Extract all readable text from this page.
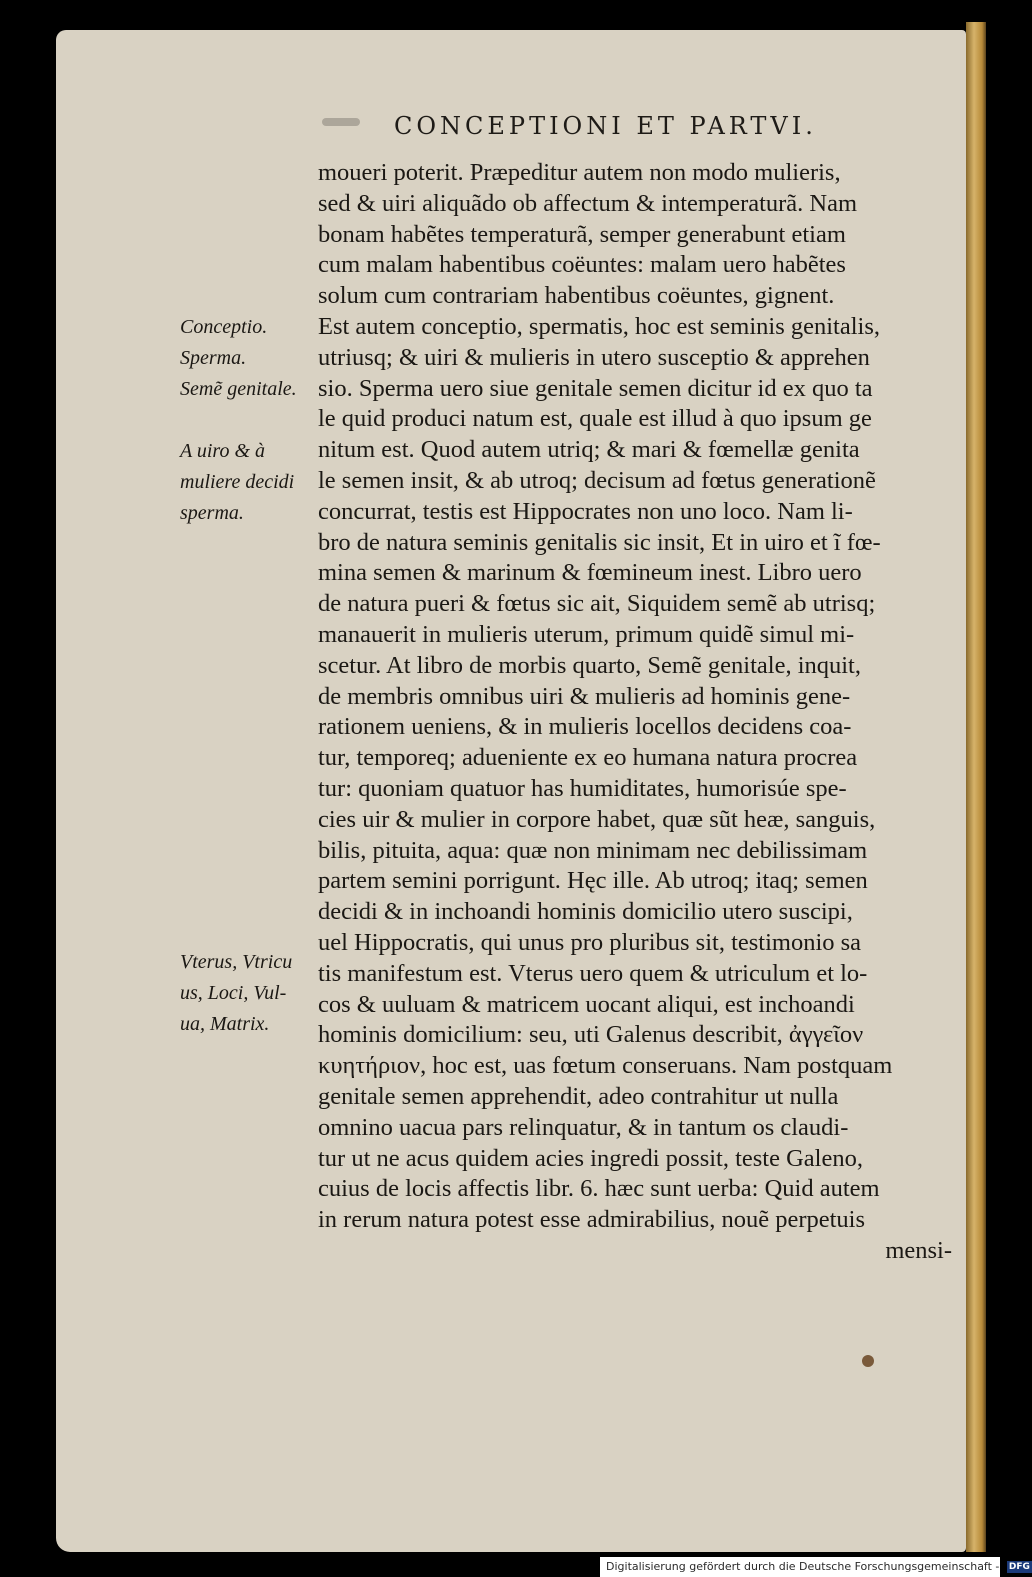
CONCEPTIONI ET PARTVI.
moueri poterit. Præpeditur autem non modo mulieris,
sed & uiri aliquãdo ob affectum & intemperaturã. Nam
bonam habẽtes temperaturã, semper generabunt etiam
cum malam habentibus coëuntes: malam uero habẽtes
solum cum contrariam habentibus coëuntes, gignent.
Est autem conceptio, spermatis, hoc est seminis genitalis,
utriusq; & uiri & mulieris in utero susceptio & apprehen
sio. Sperma uero siue genitale semen dicitur id ex quo ta
le quid produci natum est, quale est illud à quo ipsum ge
nitum est. Quod autem utriq; & mari & fœmellæ genita
le semen insit, & ab utroq; decisum ad fœtus generationẽ
concurrat, testis est Hippocrates non uno loco. Nam li-
bro de natura seminis genitalis sic insit, Et in uiro et ĩ fœ-
mina semen & marinum & fœmineum inest. Libro uero
de natura pueri & fœtus sic ait, Siquidem semẽ ab utrisq;
manauerit in mulieris uterum, primum quidẽ simul mi-
scetur. At libro de morbis quarto, Semẽ genitale, inquit,
de membris omnibus uiri & mulieris ad hominis gene-
rationem ueniens, & in mulieris locellos decidens coa-
tur, temporeq; adueniente ex eo humana natura procrea
tur: quoniam quatuor has humiditates, humorisúe spe-
cies uir & mulier in corpore habet, quæ sũt heæ, sanguis,
bilis, pituita, aqua: quæ non minimam nec debilissimam
partem semini porrigunt. Hęc ille. Ab utroq; itaq; semen
decidi & in inchoandi hominis domicilio utero suscipi,
uel Hippocratis, qui unus pro pluribus sit, testimonio sa
tis manifestum est. Vterus uero quem & utriculum et lo-
cos & uuluam & matricem uocant aliqui, est inchoandi
hominis domicilium: seu, uti Galenus describit, ἀγγεῖον
κυητήριον, hoc est, uas fœtum conseruans. Nam postquam
genitale semen apprehendit, adeo contrahitur ut nulla
omnino uacua pars relinquatur, & in tantum os claudi-
tur ut ne acus quidem acies ingredi possit, teste Galeno,
cuius de locis affectis libr. 6. hæc sunt uerba: Quid autem
in rerum natura potest esse admirabilius, nouẽ perpetuis
mensi-
Conceptio.
Sperma.
Semẽ genitale.
A uiro & à
muliere decidi
sperma.
Vterus, Vtricu
us, Loci, Vul-
ua, Matrix.
Digitalisierung gefördert durch die Deutsche Forschungsgemeinschaft - DFG
